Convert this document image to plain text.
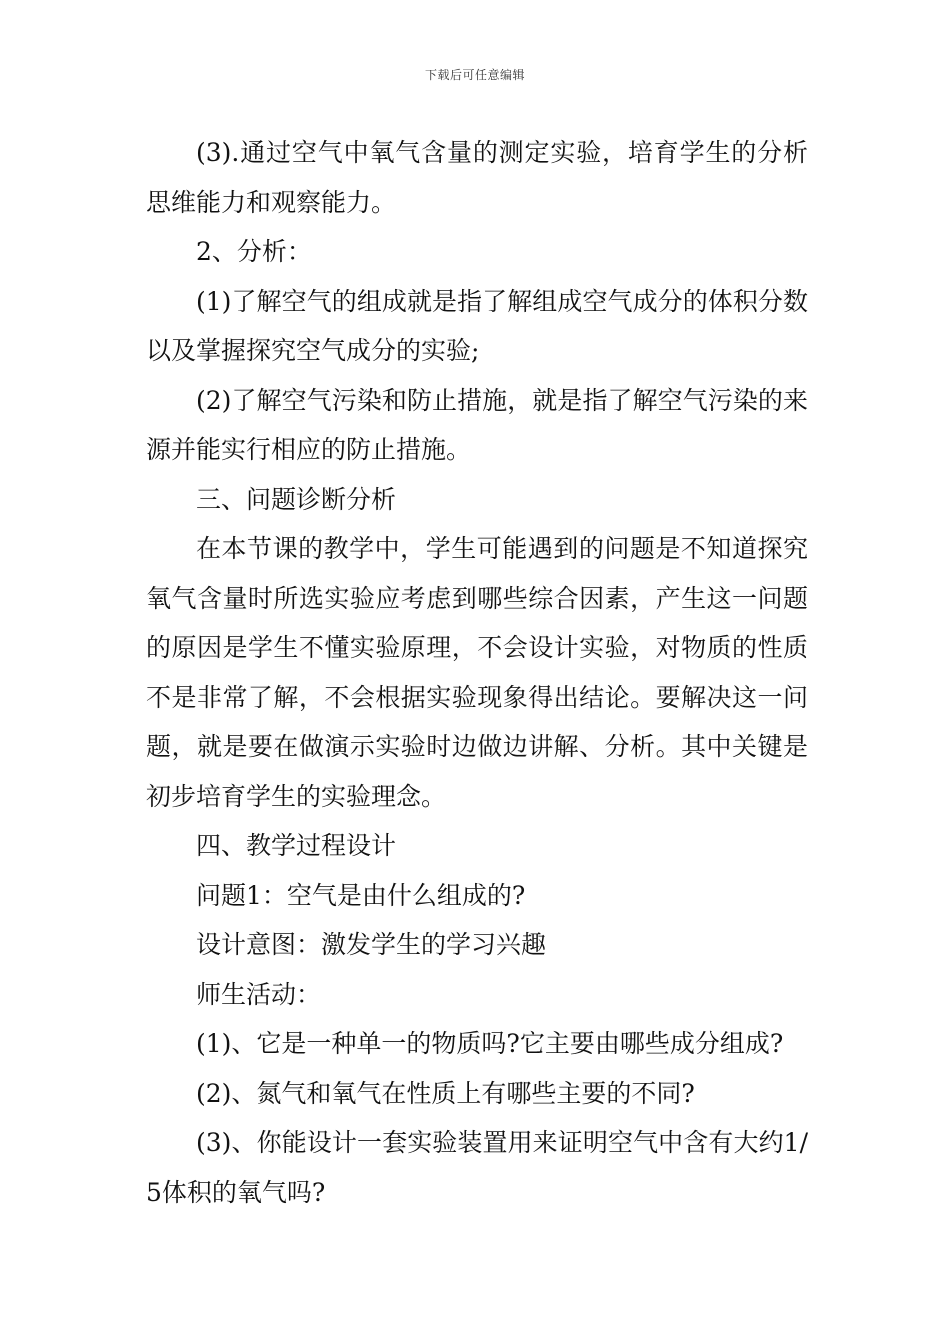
下载后可任意编辑

(3).通过空气中氧气含量的测定实验，培育学生的分析思维能力和观察能力。

2、分析：

(1)了解空气的组成就是指了解组成空气成分的体积分数以及掌握探究空气成分的实验;

(2)了解空气污染和防止措施，就是指了解空气污染的来源并能实行相应的防止措施。

三、问题诊断分析

在本节课的教学中，学生可能遇到的问题是不知道探究氧气含量时所选实验应考虑到哪些综合因素，产生这一问题的原因是学生不懂实验原理，不会设计实验，对物质的性质不是非常了解，不会根据实验现象得出结论。要解决这一问题，就是要在做演示实验时边做边讲解、分析。其中关键是初步培育学生的实验理念。

四、教学过程设计

问题1：空气是由什么组成的?

设计意图：激发学生的学习兴趣

师生活动：

(1)、它是一种单一的物质吗?它主要由哪些成分组成?

(2)、氮气和氧气在性质上有哪些主要的不同?

(3)、你能设计一套实验装置用来证明空气中含有大约1/5体积的氧气吗?
